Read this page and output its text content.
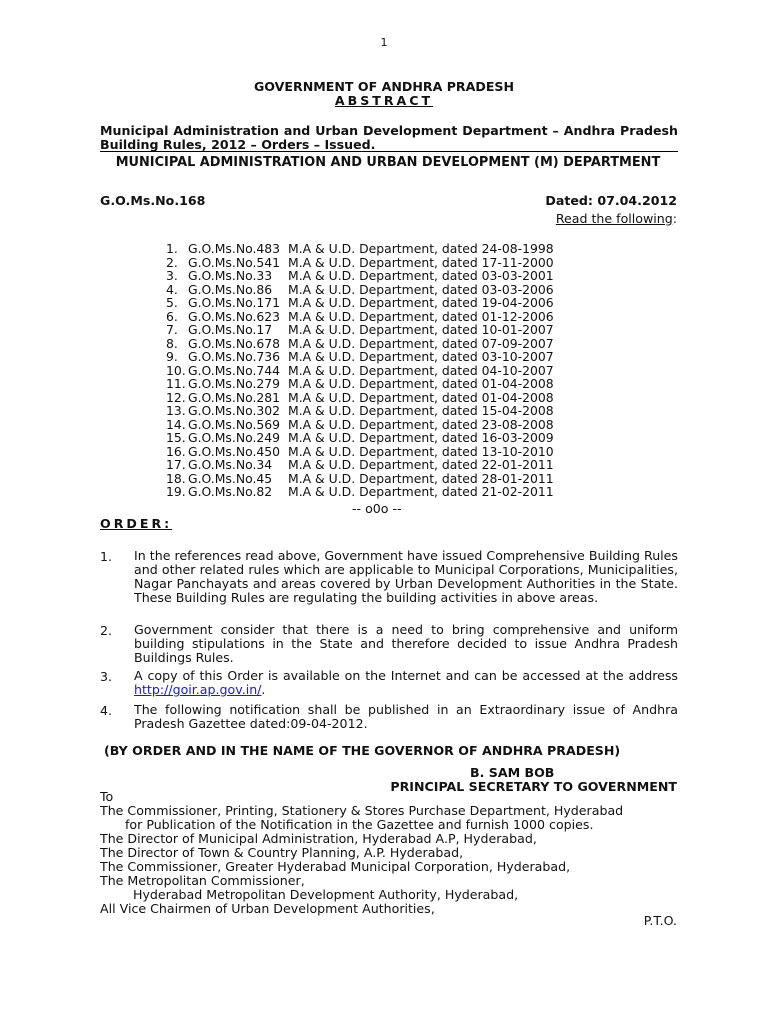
1
GOVERNMENT OF ANDHRA PRADESH
ABSTRACT
Municipal Administration and Urban Development Department – Andhra Pradesh Building Rules, 2012 – Orders – Issued.
MUNICIPAL ADMINISTRATION AND URBAN DEVELOPMENT (M) DEPARTMENT
G.O.Ms.No.168	Dated: 07.04.2012
Read the following:
1. G.O.Ms.No.483 M.A & U.D. Department, dated 24-08-1998
2. G.O.Ms.No.541 M.A & U.D. Department, dated 17-11-2000
3. G.O.Ms.No.33 M.A & U.D. Department, dated 03-03-2001
4. G.O.Ms.No.86 M.A & U.D. Department, dated 03-03-2006
5. G.O.Ms.No.171 M.A & U.D. Department, dated 19-04-2006
6. G.O.Ms.No.623 M.A & U.D. Department, dated 01-12-2006
7. G.O.Ms.No.17 M.A & U.D. Department, dated 10-01-2007
8. G.O.Ms.No.678 M.A & U.D. Department, dated 07-09-2007
9. G.O.Ms.No.736 M.A & U.D. Department, dated 03-10-2007
10. G.O.Ms.No.744 M.A & U.D. Department, dated 04-10-2007
11. G.O.Ms.No.279 M.A & U.D. Department, dated 01-04-2008
12. G.O.Ms.No.281 M.A & U.D. Department, dated 01-04-2008
13. G.O.Ms.No.302 M.A & U.D. Department, dated 15-04-2008
14. G.O.Ms.No.569 M.A & U.D. Department, dated 23-08-2008
15. G.O.Ms.No.249 M.A & U.D. Department, dated 16-03-2009
16. G.O.Ms.No.450 M.A & U.D. Department, dated 13-10-2010
17. G.O.Ms.No.34 M.A & U.D. Department, dated 22-01-2011
18. G.O.Ms.No.45 M.A & U.D. Department, dated 28-01-2011
19. G.O.Ms.No.82 M.A & U.D. Department, dated 21-02-2011
-- o0o --
ORDER:
1. In the references read above, Government have issued Comprehensive Building Rules and other related rules which are applicable to Municipal Corporations, Municipalities, Nagar Panchayats and areas covered by Urban Development Authorities in the State. These Building Rules are regulating the building activities in above areas.
2. Government consider that there is a need to bring comprehensive and uniform building stipulations in the State and therefore decided to issue Andhra Pradesh Buildings Rules.
3. A copy of this Order is available on the Internet and can be accessed at the address http://goir.ap.gov.in/.
4. The following notification shall be published in an Extraordinary issue of Andhra Pradesh Gazettee dated:09-04-2012.
(BY ORDER AND IN THE NAME OF THE GOVERNOR OF ANDHRA PRADESH)
B. SAM BOB
PRINCIPAL SECRETARY TO GOVERNMENT
To
The Commissioner, Printing, Stationery & Stores Purchase Department, Hyderabad
for Publication of the Notification in the Gazettee and furnish 1000 copies.
The Director of Municipal Administration, Hyderabad A.P, Hyderabad,
The Director of Town & Country Planning, A.P. Hyderabad,
The Commissioner, Greater Hyderabad Municipal Corporation, Hyderabad,
The Metropolitan Commissioner,
Hyderabad Metropolitan Development Authority, Hyderabad,
All Vice Chairmen of Urban Development Authorities,
P.T.O.
